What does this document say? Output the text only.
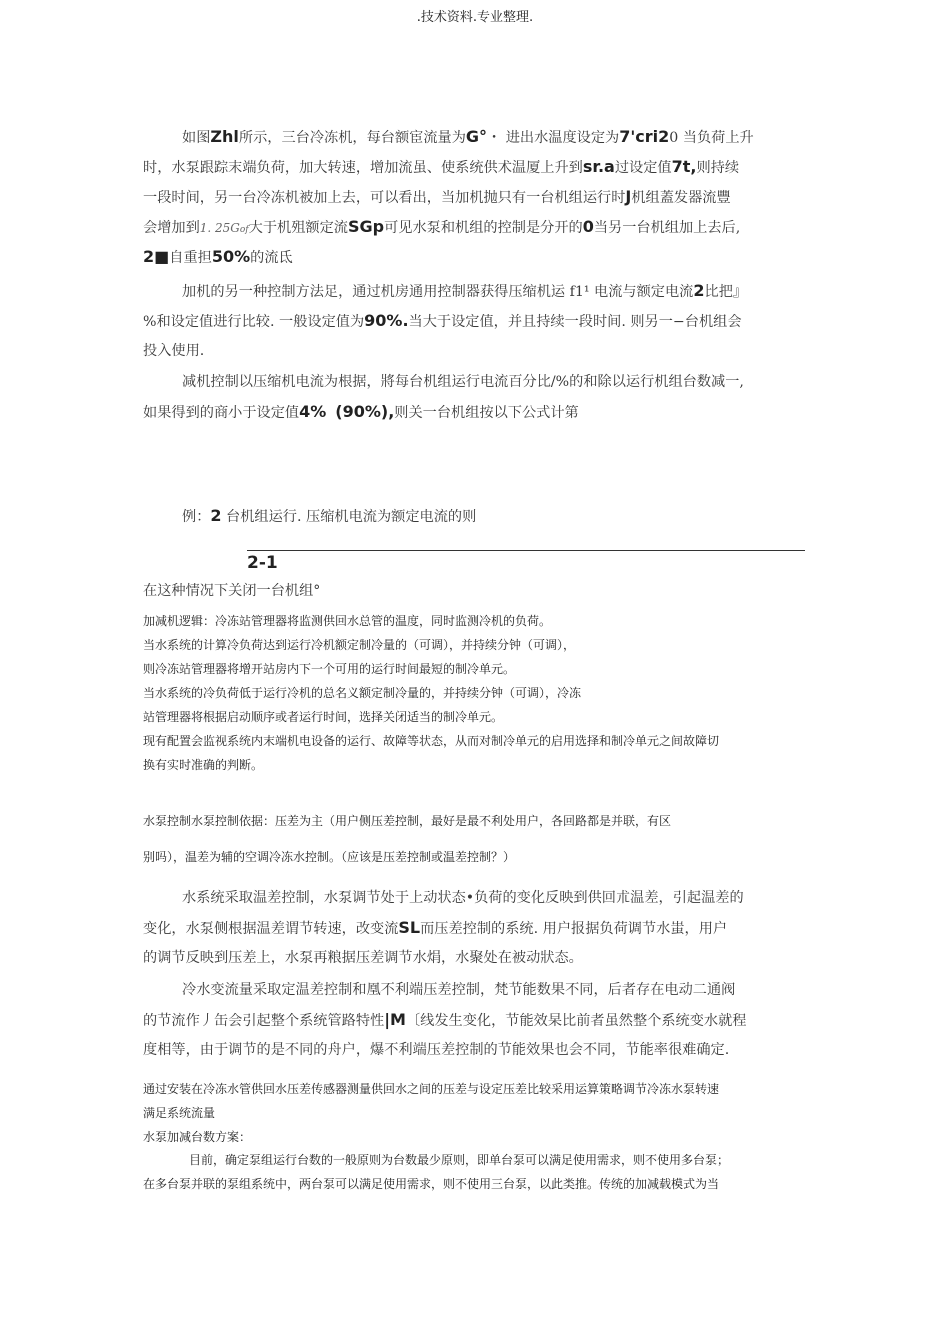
.技术资料.专业整理.
如图Zhl所示，三台冷冻机，每台额宦流量为G°・ 进出水温度设定为7'cri20 当负荷上升
时，水泵跟踪末端负荷，加大转速，增加流虽、使系统供术温厦上升到sr.a过设定值7t,则持续
一段时间，另一台冷冻机被加上去，可以看出，当加机抛只有一台机组运行时J机组蓋发器流豐
会增加到1. 25Gof大于机殂额定流SGp可见水泵和机组的控制是分开的0当另一台机组加上去后,
2■自重担50%的流氐
加机的另一种控制方法足，通过机房通用控制器获得压缩机运 f1¹ 电流与额定电流2比把』
%和设定值进行比较. 一般设定值为90%.当大于设定值，并且持续一段时间. 则另一−台机组会
投入使用.
减机控制以压缩机电流为根据，將每台机组运行电流百分比/%的和除以运行机组台数减一,
如果得到的商小于设定值4% (90%),则关一台机组按以下公式计第
例：2 台机组运行. 压缩机电流为额定电流的则
2-1
在这种情况下关闭一台机组°
加减机逻辑：冷冻站管理器将监测供回水总管的温度，同时监测冷机的负荷。
当水系统的计算冷负荷达到运行冷机额定制冷量的（可调），并持续分钟（可调），
则冷冻站管理器将增开站房内下一个可用的运行时间最短的制冷单元。
当水系统的冷负荷低于运行冷机的总名义额定制冷量的，并持续分钟（可调），冷冻
站管理器将根据启动顺序或者运行时间，选择关闭适当的制冷单元。
现有配置会监视系统内末端机电设备的运行、故障等状态，从而对制冷单元的启用选择和制冷单元之间故障切
换有实时准确的判断。
水泵控制水泵控制依据：压差为主（用户侧压差控制，最好是最不利处用户，各回路都是并联，有区
别吗），温差为辅的空调冷冻水控制。（应该是压差控制或温差控制？）
水系统采取温差控制，水泵调节处于上动状态•负荷的变化反映到供回朮温差，引起温差的
变化，水泵侧根据温差谓节转速，改变流SL而压差控制的系统. 用户报据负荷调节水蚩，用户
的调节反映到压差上，水泵再粮据压差调节水焆，水聚处在被动狀态。
冷水变流量采取定温差控制和凰不利端压差控制，梵节能数果不同，后者存在电动二通阀
的节流作丿缶会引起整个系统管路特性|M〔线发生变化，节能效杲比前者虽然整个系统变水就程
度相等，由于调节的是不同的舟户，爆不利端压差控制的节能效果也会不同，节能率很难确定.
通过安装在冷冻水管供回水压差传感器测量供回水之间的压差与设定压差比较采用运算策略调节冷冻水泵转速
满足系统流量
水泵加减台数方案：
目前，确定泵组运行台数的一般原则为台数最少原则，即单台泵可以满足使用需求，则不使用多台泵；
在多台泵并联的泵组系统中，两台泵可以满足使用需求，则不使用三台泵，以此类推。传统的加减载模式为当
